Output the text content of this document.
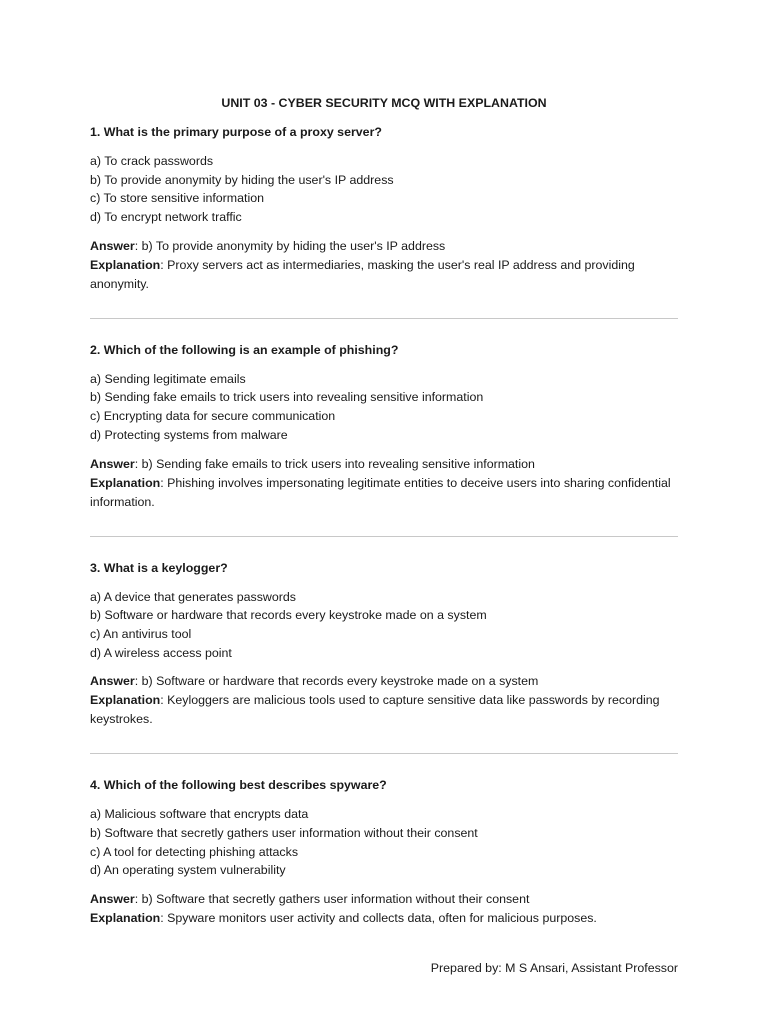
UNIT 03 - CYBER SECURITY MCQ WITH EXPLANATION
1. What is the primary purpose of a proxy server?
a) To crack passwords
b) To provide anonymity by hiding the user's IP address
c) To store sensitive information
d) To encrypt network traffic
Answer: b) To provide anonymity by hiding the user's IP address
Explanation: Proxy servers act as intermediaries, masking the user's real IP address and providing anonymity.
2. Which of the following is an example of phishing?
a) Sending legitimate emails
b) Sending fake emails to trick users into revealing sensitive information
c) Encrypting data for secure communication
d) Protecting systems from malware
Answer: b) Sending fake emails to trick users into revealing sensitive information
Explanation: Phishing involves impersonating legitimate entities to deceive users into sharing confidential information.
3. What is a keylogger?
a) A device that generates passwords
b) Software or hardware that records every keystroke made on a system
c) An antivirus tool
d) A wireless access point
Answer: b) Software or hardware that records every keystroke made on a system
Explanation: Keyloggers are malicious tools used to capture sensitive data like passwords by recording keystrokes.
4. Which of the following best describes spyware?
a) Malicious software that encrypts data
b) Software that secretly gathers user information without their consent
c) A tool for detecting phishing attacks
d) An operating system vulnerability
Answer: b) Software that secretly gathers user information without their consent
Explanation: Spyware monitors user activity and collects data, often for malicious purposes.
Prepared by: M S Ansari, Assistant Professor
